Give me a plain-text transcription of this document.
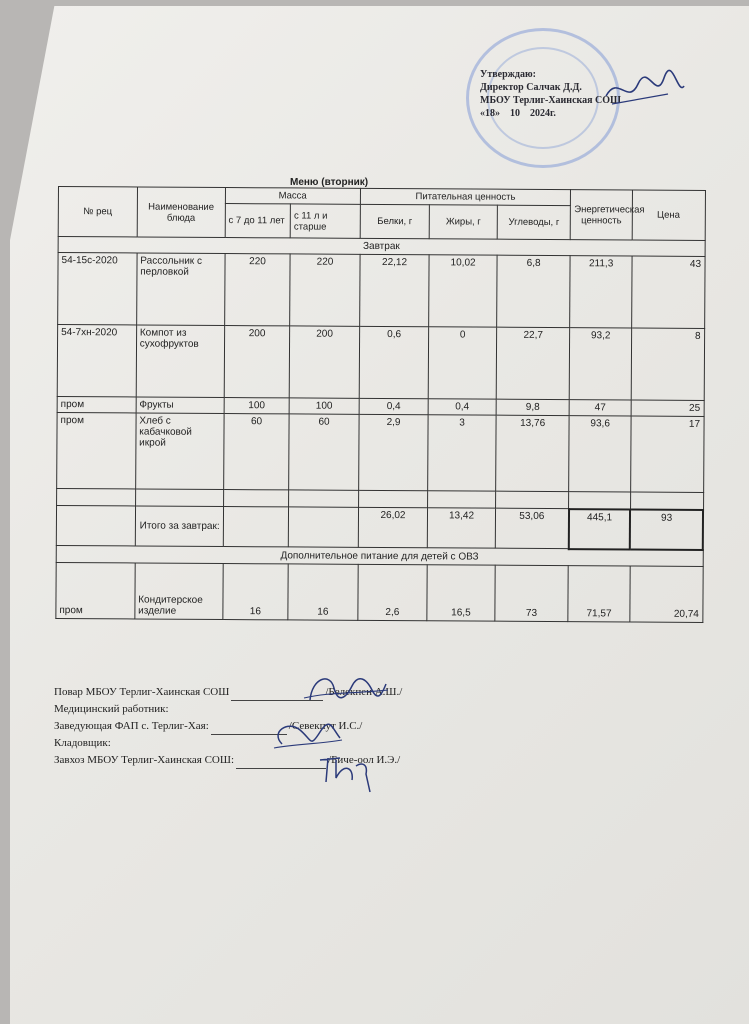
Утверждаю:
Директор Салчак Д.Д.
МБОУ Терлиг-Хаинская СОШ
«18» 10 2024г.
Меню (вторник)
№ рец	Наименование блюда	Масса		Питательная ценность			Энергетическая ценность	Цена
		с 7 до 11 лет	с 11 л и старше	Белки, г	Жиры, г	Углеводы, г		
Завтрак								
54-15с-2020	Рассольник с перловкой	220	220	22,12	10,02	6,8	211,3	43
54-7хн-2020	Компот из сухофруктов	200	200	0,6	0	22,7	93,2	8
пром	Фрукты	100	100	0,4	0,4	9,8	47	25
пром	Хлеб с кабачковой икрой	60	60	2,9	3	13,76	93,6	17

	Итого за завтрак:			26,02	13,42	53,06	445,1	93
Дополнительное питание для детей с ОВЗ								
пром	Кондитерское изделие	16	16	2,6	16,5	73	71,57	20,74
Повар МБОУ Терлиг-Хаинская СОШ	/Белекпен А.Ш./
Медицинский работник:
Заведующая ФАП с. Терлиг-Хая:	/Севекпут И.С./
Кладовщик:
Завхоз МБОУ Терлиг-Хаинская СОШ:	/Биче-оол И.Э./
